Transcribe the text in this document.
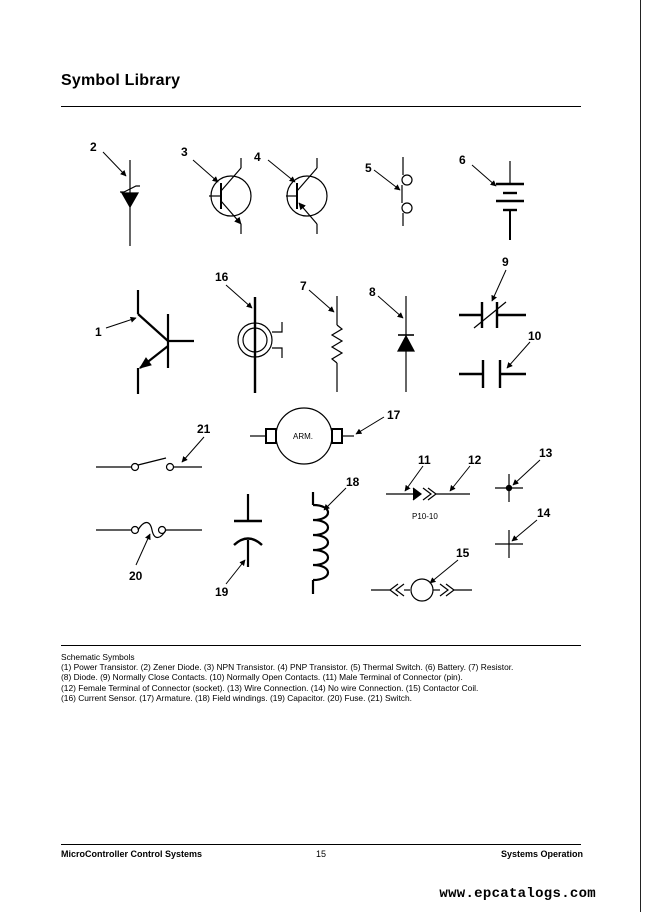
Symbol Library
2	3	4
5
6
1
16
7	8
9
10
21
ARM.
17
P10-10
11	12	13
14
20
19
18
15
Schematic Symbols
(1) Power Transistor. (2) Zener Diode. (3) NPN Transistor. (4) PNP Transistor. (5) Thermal Switch. (6) Battery. (7) Resistor.
(8) Diode. (9) Normally Close Contacts. (10) Normally Open Contacts. (11) Male Terminal of Connector (pin).
(12) Female Terminal of Connector (socket). (13) Wire Connection. (14) No wire Connection. (15) Contactor Coil.
(16) Current Sensor. (17) Armature. (18) Field windings. (19) Capacitor. (20) Fuse. (21) Switch.
MicroController Control Systems	15	Systems Operation
www.epcatalogs.com
